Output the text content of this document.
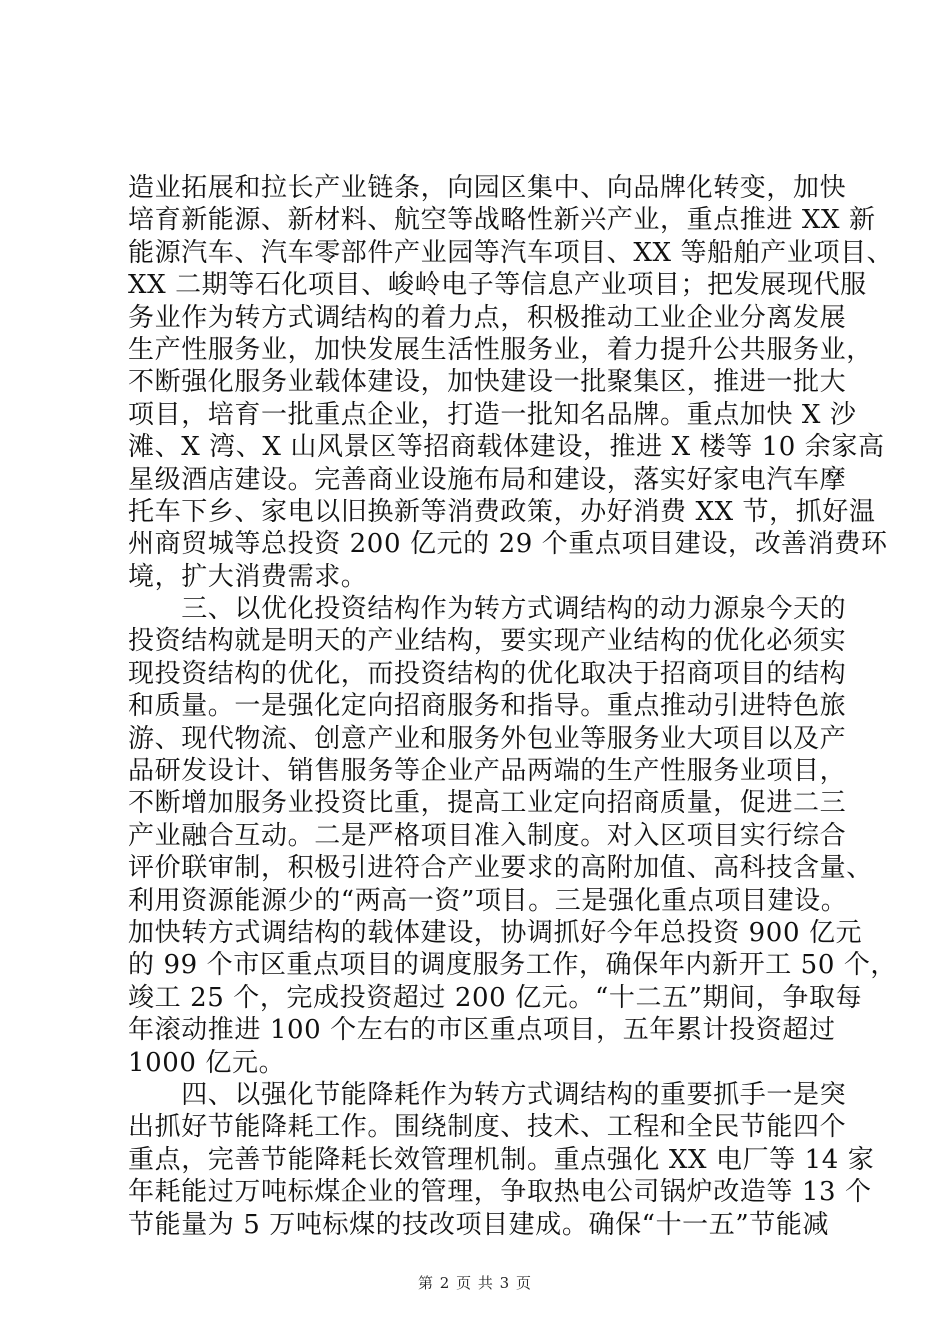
造业拓展和拉长产业链条，向园区集中、向品牌化转变，加快
培育新能源、新材料、航空等战略性新兴产业，重点推进 XX 新
能源汽车、汽车零部件产业园等汽车项目、XX 等船舶产业项目、
XX 二期等石化项目、峻岭电子等信息产业项目；把发展现代服
务业作为转方式调结构的着力点，积极推动工业企业分离发展
生产性服务业，加快发展生活性服务业，着力提升公共服务业，
不断强化服务业载体建设，加快建设一批聚集区，推进一批大
项目，培育一批重点企业，打造一批知名品牌。重点加快 X 沙
滩、X 湾、X 山风景区等招商载体建设，推进 X 楼等 10 余家高
星级酒店建设。完善商业设施布局和建设，落实好家电汽车摩
托车下乡、家电以旧换新等消费政策，办好消费 XX 节，抓好温
州商贸城等总投资 200 亿元的 29 个重点项目建设，改善消费环
境，扩大消费需求。
　　三、以优化投资结构作为转方式调结构的动力源泉今天的
投资结构就是明天的产业结构，要实现产业结构的优化必须实
现投资结构的优化，而投资结构的优化取决于招商项目的结构
和质量。一是强化定向招商服务和指导。重点推动引进特色旅
游、现代物流、创意产业和服务外包业等服务业大项目以及产
品研发设计、销售服务等企业产品两端的生产性服务业项目，
不断增加服务业投资比重，提高工业定向招商质量，促进二三
产业融合互动。二是严格项目准入制度。对入区项目实行综合
评价联审制，积极引进符合产业要求的高附加值、高科技含量、
利用资源能源少的“两高一资”项目。三是强化重点项目建设。
加快转方式调结构的载体建设，协调抓好今年总投资 900 亿元
的 99 个市区重点项目的调度服务工作，确保年内新开工 50 个，
竣工 25 个，完成投资超过 200 亿元。“十二五”期间，争取每
年滚动推进 100 个左右的市区重点项目，五年累计投资超过
1000 亿元。
　　四、以强化节能降耗作为转方式调结构的重要抓手一是突
出抓好节能降耗工作。围绕制度、技术、工程和全民节能四个
重点，完善节能降耗长效管理机制。重点强化 XX 电厂等 14 家
年耗能过万吨标煤企业的管理，争取热电公司锅炉改造等 13 个
节能量为 5 万吨标煤的技改项目建成。确保“十一五”节能减
第 2 页 共 3 页
